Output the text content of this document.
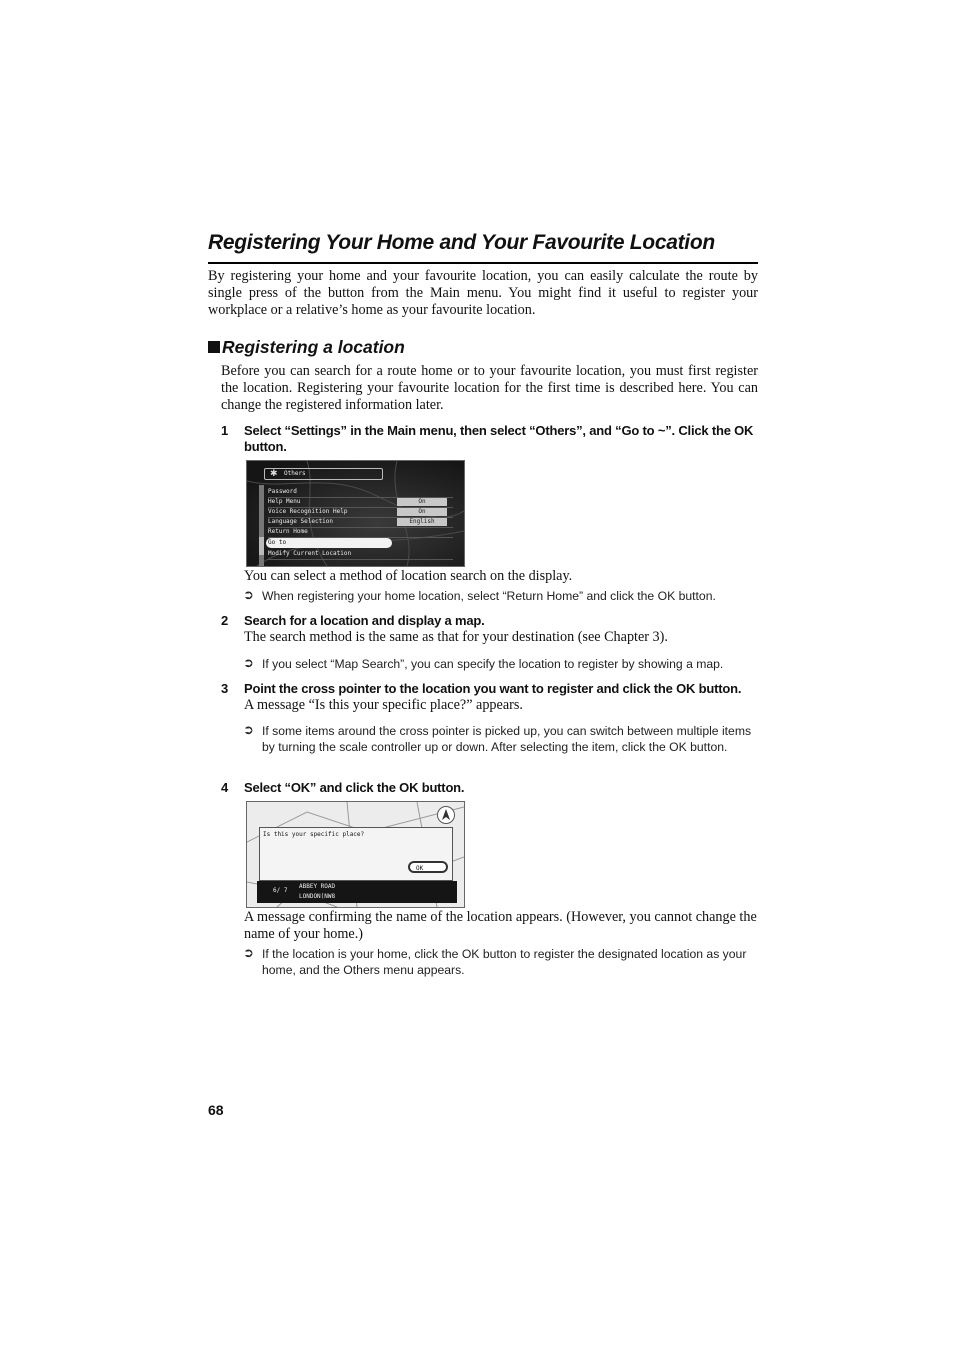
Registering Your Home and Your Favourite Location
By registering your home and your favourite location, you can easily calculate the route by single press of the button from the Main menu. You might find it useful to register your workplace or a relative’s home as your favourite location.
Registering a location
Before you can search for a route home or to your favourite location, you must first register the location. Registering your favourite location for the first time is described here. You can change the registered information later.
1 Select “Settings” in the Main menu, then select “Others”, and “Go to ~”. Click the OK button.
✱ Others
Password
Help Menu	On
Voice Recognition Help	On
Language Selection	English
Return Home
Go to
Modify Current Location
You can select a method of location search on the display.
➲ When registering your home location, select “Return Home” and click the OK button.
2 Search for a location and display a map.
The search method is the same as that for your destination (see Chapter 3).
➲ If you select “Map Search”, you can specify the location to register by showing a map.
3 Point the cross pointer to the location you want to register and click the OK button.
A message “Is this your specific place?” appears.
➲ If some items around the cross pointer is picked up, you can switch between multiple items by turning the scale controller up or down. After selecting the item, click the OK button.
4 Select “OK” and click the OK button.
Is this your specific place?
OK
6/ 7
ABBEY ROAD
LONDON(NW8
A message confirming the name of the location appears. (However, you cannot change the name of your home.)
➲ If the location is your home, click the OK button to register the designated location as your home, and the Others menu appears.
68
